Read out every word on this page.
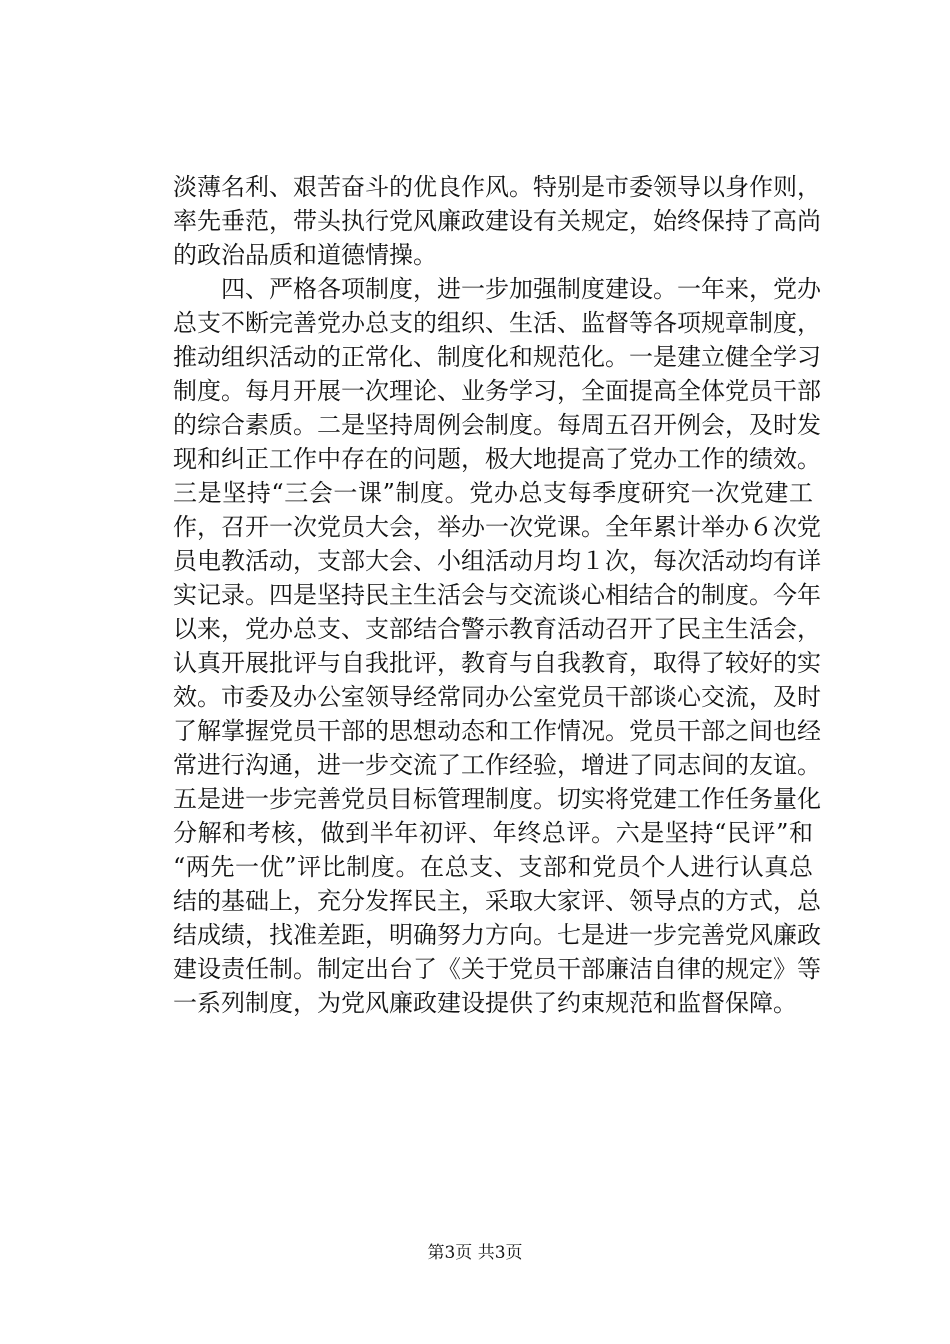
淡薄名利、艰苦奋斗的优良作风。特别是市委领导以身作则，
率先垂范，带头执行党风廉政建设有关规定，始终保持了高尚
的政治品质和道德情操。
　　四、严格各项制度，进一步加强制度建设。一年来，党办
总支不断完善党办总支的组织、生活、监督等各项规章制度，
推动组织活动的正常化、制度化和规范化。一是建立健全学习
制度。每月开展一次理论、业务学习，全面提高全体党员干部
的综合素质。二是坚持周例会制度。每周五召开例会，及时发
现和纠正工作中存在的问题，极大地提高了党办工作的绩效。
三是坚持“三会一课”制度。党办总支每季度研究一次党建工
作，召开一次党员大会，举办一次党课。全年累计举办６次党
员电教活动，支部大会、小组活动月均１次，每次活动均有详
实记录。四是坚持民主生活会与交流谈心相结合的制度。今年
以来，党办总支、支部结合警示教育活动召开了民主生活会，
认真开展批评与自我批评，教育与自我教育，取得了较好的实
效。市委及办公室领导经常同办公室党员干部谈心交流，及时
了解掌握党员干部的思想动态和工作情况。党员干部之间也经
常进行沟通，进一步交流了工作经验，增进了同志间的友谊。
五是进一步完善党员目标管理制度。切实将党建工作任务量化
分解和考核，做到半年初评、年终总评。六是坚持“民评”和
“两先一优”评比制度。在总支、支部和党员个人进行认真总
结的基础上，充分发挥民主，采取大家评、领导点的方式，总
结成绩，找准差距，明确努力方向。七是进一步完善党风廉政
建设责任制。制定出台了《关于党员干部廉洁自律的规定》等
一系列制度，为党风廉政建设提供了约束规范和监督保障。
第3页 共3页
